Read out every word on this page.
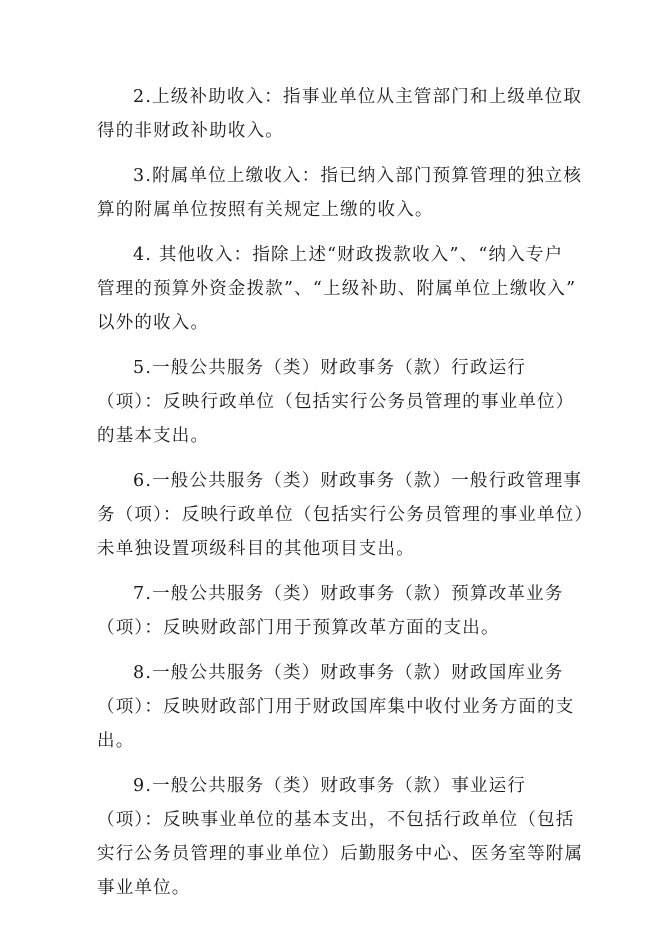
2.上级补助收入：指事业单位从主管部门和上级单位取
得的非财政补助收入。

3.附属单位上缴收入：指已纳入部门预算管理的独立核
算的附属单位按照有关规定上缴的收入。

4. 其他收入：指除上述“财政拨款收入”、“纳入专户
管理的预算外资金拨款”、“上级补助、附属单位上缴收入”
以外的收入。

5.一般公共服务（类）财政事务（款）行政运行
（项）：反映行政单位（包括实行公务员管理的事业单位）
的基本支出。

6.一般公共服务（类）财政事务（款）一般行政管理事
务（项）：反映行政单位（包括实行公务员管理的事业单位）
未单独设置项级科目的其他项目支出。

7.一般公共服务（类）财政事务（款）预算改革业务
（项）：反映财政部门用于预算改革方面的支出。

8.一般公共服务（类）财政事务（款）财政国库业务
（项）：反映财政部门用于财政国库集中收付业务方面的支
出。

9.一般公共服务（类）财政事务（款）事业运行
（项）：反映事业单位的基本支出，不包括行政单位（包括
实行公务员管理的事业单位）后勤服务中心、医务室等附属
事业单位。
